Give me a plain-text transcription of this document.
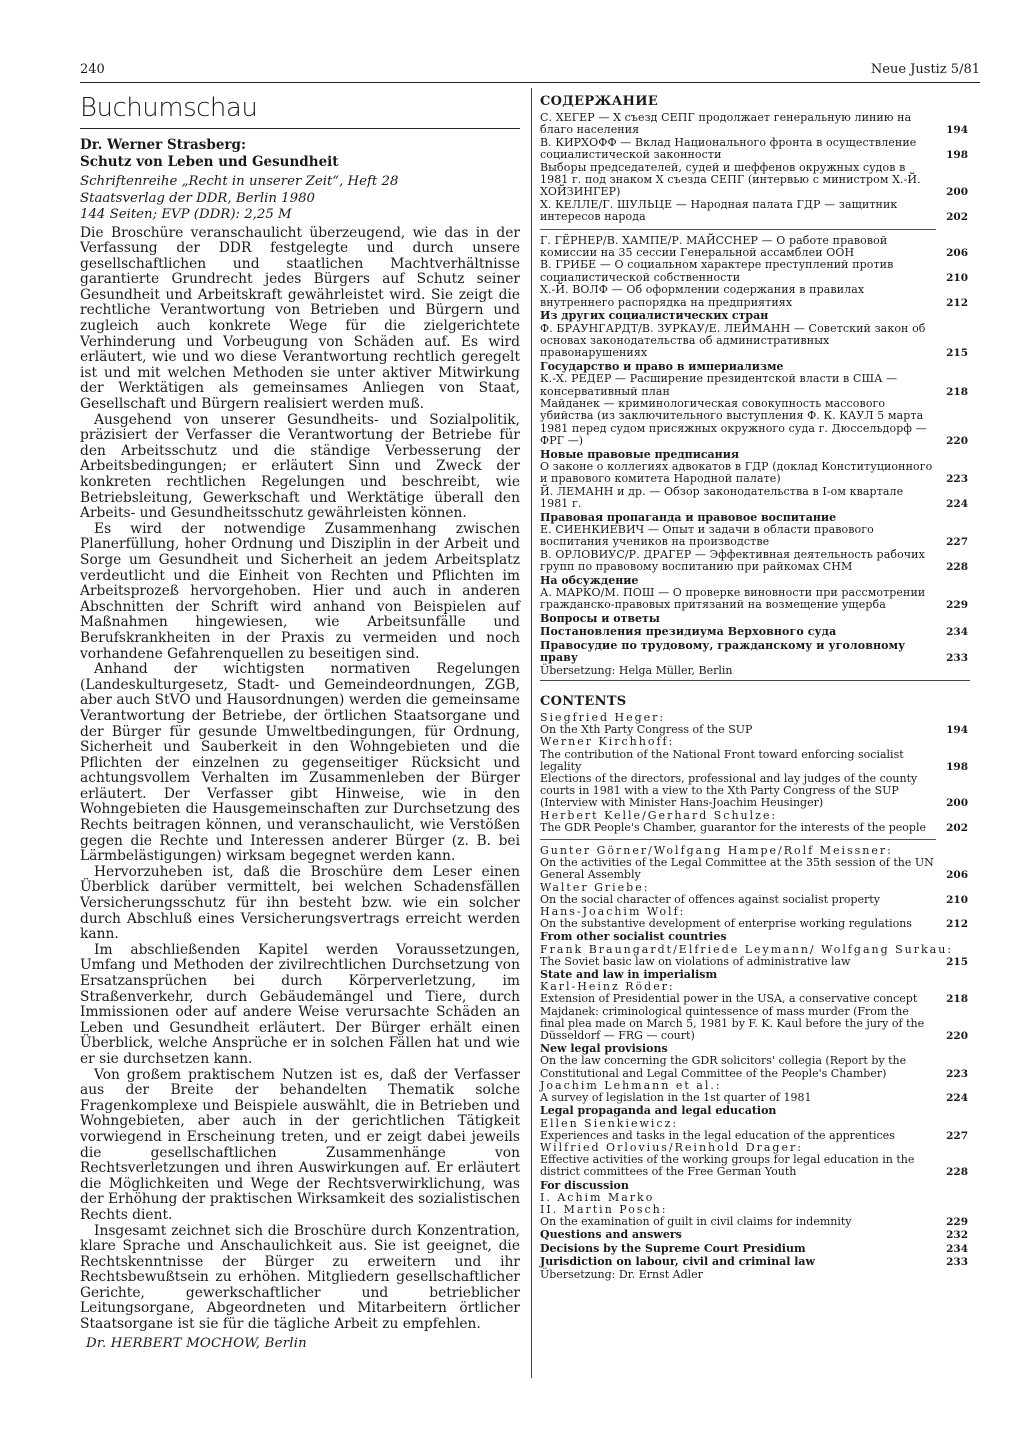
240	Neue Justiz 5/81
Buchumschau
Dr. Werner Strasberg:
Schutz von Leben und Gesundheit
Schriftenreihe „Recht in unserer Zeit“, Heft 28
Staatsverlag der DDR, Berlin 1980
144 Seiten; EVP (DDR): 2,25 M

Die Broschüre veranschaulicht überzeugend, wie das in der Verfassung der DDR festgelegte und durch unsere gesellschaftlichen und staatlichen Machtverhältnisse garantierte Grundrecht jedes Bürgers auf Schutz seiner Gesundheit und Arbeitskraft gewährleistet wird. Sie zeigt die rechtliche Verantwortung von Betrieben und Bürgern und zugleich auch konkrete Wege für die zielgerichtete Verhinderung und Vorbeugung von Schäden auf. Es wird erläutert, wie und wo diese Verantwortung rechtlich geregelt ist und mit welchen Methoden sie unter aktiver Mitwirkung der Werktätigen als gemeinsames Anliegen von Staat, Gesellschaft und Bürgern realisiert werden muß.

Ausgehend von unserer Gesundheits- und Sozialpolitik, präzisiert der Verfasser die Verantwortung der Betriebe für den Arbeitsschutz und die ständige Verbesserung der Arbeitsbedingungen; er erläutert Sinn und Zweck der konkreten rechtlichen Regelungen und beschreibt, wie Betriebsleitung, Gewerkschaft und Werktätige überall den Arbeits- und Gesundheitsschutz gewährleisten können.

Es wird der notwendige Zusammenhang zwischen Planerfüllung, hoher Ordnung und Disziplin in der Arbeit und Sorge um Gesundheit und Sicherheit an jedem Arbeitsplatz verdeutlicht und die Einheit von Rechten und Pflichten im Arbeitsprozeß hervorgehoben. Hier und auch in anderen Abschnitten der Schrift wird anhand von Beispielen auf Maßnahmen hingewiesen, wie Arbeitsunfälle und Berufskrankheiten in der Praxis zu vermeiden und noch vorhandene Gefahrenquellen zu beseitigen sind.

Anhand der wichtigsten normativen Regelungen (Landeskulturgesetz, Stadt- und Gemeindeordnungen, ZGB, aber auch StVO und Hausordnungen) werden die gemeinsame Verantwortung der Betriebe, der örtlichen Staatsorgane und der Bürger für gesunde Umweltbedingungen, für Ordnung, Sicherheit und Sauberkeit in den Wohngebieten und die Pflichten der einzelnen zu gegenseitiger Rücksicht und achtungsvollem Verhalten im Zusammenleben der Bürger erläutert. Der Verfasser gibt Hinweise, wie in den Wohngebieten die Hausgemeinschaften zur Durchsetzung des Rechts beitragen können, und veranschaulicht, wie Verstößen gegen die Rechte und Interessen anderer Bürger (z. B. bei Lärmbelästigungen) wirksam begegnet werden kann.

Hervorzuheben ist, daß die Broschüre dem Leser einen Überblick darüber vermittelt, bei welchen Schadensfällen Versicherungsschutz für ihn besteht bzw. wie ein solcher durch Abschluß eines Versicherungsvertrags erreicht werden kann.

Im abschließenden Kapitel werden Voraussetzungen, Umfang und Methoden der zivilrechtlichen Durchsetzung von Ersatzansprüchen bei durch Körperverletzung, im Straßenverkehr, durch Gebäudemängel und Tiere, durch Immissionen oder auf andere Weise verursachte Schäden an Leben und Gesundheit erläutert. Der Bürger erhält einen Überblick, welche Ansprüche er in solchen Fällen hat und wie er sie durchsetzen kann.

Von großem praktischem Nutzen ist es, daß der Verfasser aus der Breite der behandelten Thematik solche Fragenkomplexe und Beispiele auswählt, die in Betrieben und Wohngebieten, aber auch in der gerichtlichen Tätigkeit vorwiegend in Erscheinung treten, und er zeigt dabei jeweils die gesellschaftlichen Zusammenhänge von Rechtsverletzungen und ihren Auswirkungen auf. Er erläutert die Möglichkeiten und Wege der Rechtsverwirklichung, was der Erhöhung der praktischen Wirksamkeit des sozialistischen Rechts dient.

Insgesamt zeichnet sich die Broschüre durch Konzentration, klare Sprache und Anschaulichkeit aus. Sie ist geeignet, die Rechtskenntnisse der Bürger zu erweitern und ihr Rechtsbewußtsein zu erhöhen. Mitgliedern gesellschaftlicher Gerichte, gewerkschaftlicher und betrieblicher Leitungsorgane, Abgeordneten und Mitarbeitern örtlicher Staatsorgane ist sie für die tägliche Arbeit zu empfehlen.

Dr. HERBERT MOCHOW, Berlin
СОДЕРЖАНИЕ
С. ХЕГЕР — X съезд СЕПГ продолжает генеральную линию на благо населения	194
В. КИРХОФФ — Вклад Национального фронта в осуществление социалистической законности	198
Выборы председателей, судей и шеффенов окружных судов в 1981 г. под знаком X съезда СЕПГ (интервью с министром Х.-Й. ХОЙЗИНГЕР)	200
X. КЕЛЛЕ/Г. ШУЛЬЦЕ — Народная палата ГДР — защитник интересов народа	202
Г. ГЁРНЕР/В. ХАМПЕ/Р. МАЙССНЕР — О работе правовой комиссии на 35 сессии Генеральной ассамблеи ООН	206
В. ГРИБЕ — О социальном характере преступлений против социалистической собственности	210
Х.-Й. ВОЛФ — Об оформлении содержания в правилах внутреннего распорядка на предприятиях	212
Из других социалистических стран
Ф. БРАУНГАРДТ/В. ЗУРКАУ/Е. ЛЕЙМАНН — Советский закон об основах законодательства об административных правонарушениях	215
Государство и право в империализме
К.-Х. РЕДЕР — Расширение президентской власти в США — консервативный план	218
Майданек — криминологическая совокупность массового убийства (из заключительного выступления Ф. К. КАУЛ 5 марта 1981 перед судом присяжных окружного суда г. Дюссельдорф — ФРГ —)	220
Новые правовые предписания
О законе о коллегиях адвокатов в ГДР (доклад Конституционного и правового комитета Народной палате)	223
Й. ЛЕМАНН и др. — Обзор законодательства в I-ом квартале 1981 г.	224
Правовая пропаганда и правовое воспитание
Е. СИЕНКИЕВИЧ — Опыт и задачи в области правового воспитания учеников на производстве	227
В. ОРЛОВИУС/Р. ДРАГЕР — Эффективная деятельность рабочих групп по правовому воспитанию при райкомах СНМ	228
На обсуждение
А. МАРКО/М. ПОШ — О проверке виновности при рассмотрении гражданско-правовых притязаний на возмещение ущерба	229
Вопросы и ответы
Постановления президиума Верховного суда	234
Правосудие по трудовому, гражданскому и уголовному праву	233
Übersetzung: Helga Müller, Berlin
CONTENTS
Siegfried Heger:
On the Xth Party Congress of the SUP	194
Werner Kirchhoff:
The contribution of the National Front toward enforcing socialist legality	198
Elections of the directors, professional and lay judges of the county courts in 1981 with a view to the Xth Party Congress of the SUP (Interview with Minister Hans-Joachim Heusinger)	200
Herbert Kelle/Gerhard Schulze:
The GDR People's Chamber, guarantor for the interests of the people 202
Gunter Görner/Wolfgang Hampe/Rolf Meissner:
On the activities of the Legal Committee at the 35th session of the UN General Assembly	206
Walter Griebe:
On the social character of offences against socialist property	210
Hans-Joachim Wolf:
On the substantive development of enterprise working regulations	212
From other socialist countries
Frank Braungardt/Elfriede Leymann/ Wolfgang Surkau:
The Soviet basic law on violations of administrative law	215
State and law in imperialism
Karl-Heinz Röder:
Extension of Presidential power in the USA, a conservative concept	218
Majdanek: criminological quintessence of mass murder (From the final plea made on March 5, 1981 by F. K. Kaul before the jury of the Düsseldorf — FRG — court)	220
New legal provisions
On the law concerning the GDR solicitors' collegia (Report by the Constitutional and Legal Committee of the People's Chamber)	223
Joachim Lehmann et al.:
A survey of legislation in the 1st quarter of 1981	224
Legal propaganda and legal education
Ellen Sienkiewicz:
Experiences and tasks in the legal education of the apprentices	227
Wilfried Orlovius/Reinhold Drager:
Effective activities of the working groups for legal education in the district committees of the Free German Youth	228
For discussion
I. Achim Marko
II. Martin Posch:
On the examination of guilt in civil claims for indemnity	229
Questions and answers	232
Decisions by the Supreme Court Presidium	234
Jurisdiction on labour, civil and criminal law	233
Übersetzung: Dr. Ernst Adler
